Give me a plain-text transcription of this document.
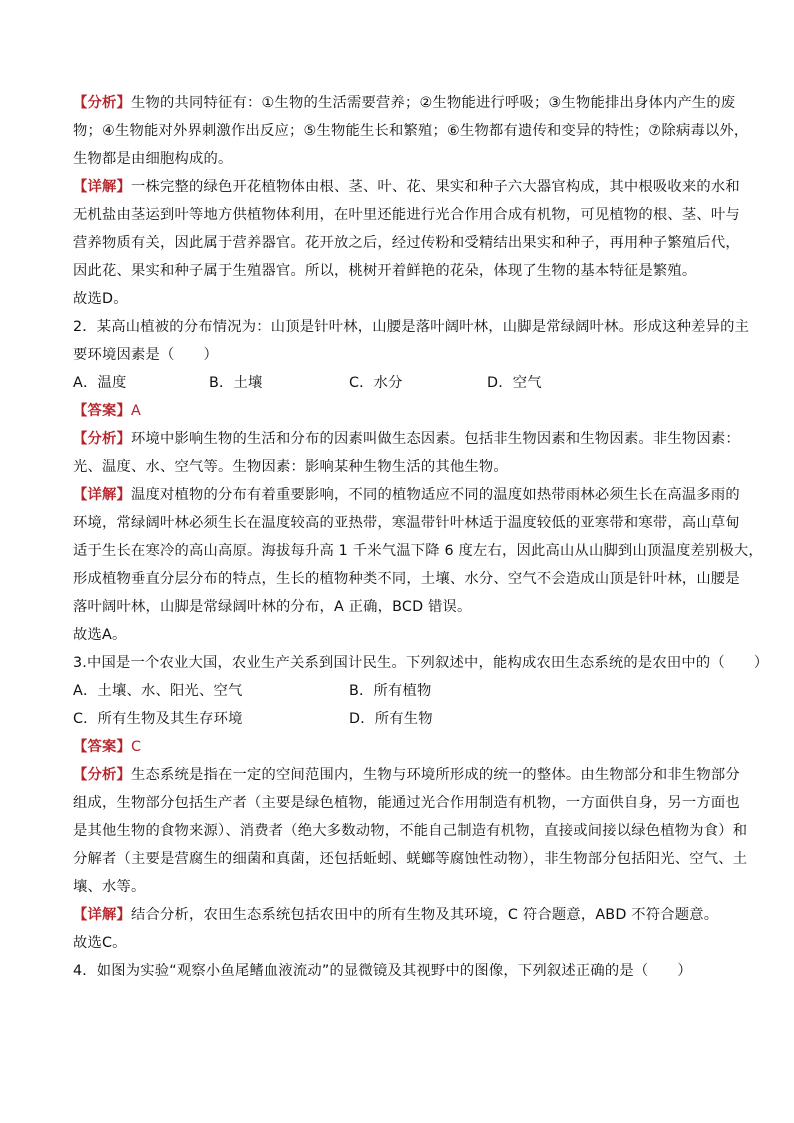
【分析】生物的共同特征有：①生物的生活需要营养；②生物能进行呼吸；③生物能排出身体内产生的废
物；④生物能对外界刺激作出反应；⑤生物能生长和繁殖；⑥生物都有遗传和变异的特性；⑦除病毒以外，
生物都是由细胞构成的。
【详解】一株完整的绿色开花植物体由根、茎、叶、花、果实和种子六大器官构成，其中根吸收来的水和
无机盐由茎运到叶等地方供植物体利用，在叶里还能进行光合作用合成有机物，可见植物的根、茎、叶与
营养物质有关，因此属于营养器官。花开放之后，经过传粉和受精结出果实和种子，再用种子繁殖后代，
因此花、果实和种子属于生殖器官。所以，桃树开着鲜艳的花朵，体现了生物的基本特征是繁殖。
故选D。
2．某高山植被的分布情况为：山顶是针叶林，山腰是落叶阔叶林，山脚是常绿阔叶林。形成这种差异的主
要环境因素是（　　）
A．温度	B．土壤	C．水分	D．空气
【答案】A
【分析】环境中影响生物的生活和分布的因素叫做生态因素。包括非生物因素和生物因素。非生物因素：
光、温度、水、空气等。生物因素：影响某种生物生活的其他生物。
【详解】温度对植物的分布有着重要影响，不同的植物适应不同的温度如热带雨林必须生长在高温多雨的
环境，常绿阔叶林必须生长在温度较高的亚热带，寒温带针叶林适于温度较低的亚寒带和寒带，高山草甸
适于生长在寒冷的高山高原。海拔每升高 1 千米气温下降 6 度左右，因此高山从山脚到山顶温度差别极大，
形成植物垂直分层分布的特点，生长的植物种类不同，土壤、水分、空气不会造成山顶是针叶林，山腰是
落叶阔叶林，山脚是常绿阔叶林的分布，A 正确，BCD 错误。
故选A。
3.中国是一个农业大国，农业生产关系到国计民生。下列叙述中，能构成农田生态系统的是农田中的（　　）
A．土壤、水、阳光、空气	B．所有植物
C．所有生物及其生存环境	D．所有生物
【答案】C
【分析】生态系统是指在一定的空间范围内，生物与环境所形成的统一的整体。由生物部分和非生物部分
组成，生物部分包括生产者（主要是绿色植物，能通过光合作用制造有机物，一方面供自身，另一方面也
是其他生物的食物来源）、消费者（绝大多数动物，不能自己制造有机物，直接或间接以绿色植物为食）和
分解者（主要是营腐生的细菌和真菌，还包括蚯蚓、蜣螂等腐蚀性动物），非生物部分包括阳光、空气、土
壤、水等。
【详解】结合分析，农田生态系统包括农田中的所有生物及其环境，C 符合题意，ABD 不符合题意。
故选C。
4．如图为实验“观察小鱼尾鳍血液流动”的显微镜及其视野中的图像，下列叙述正确的是（　　）
